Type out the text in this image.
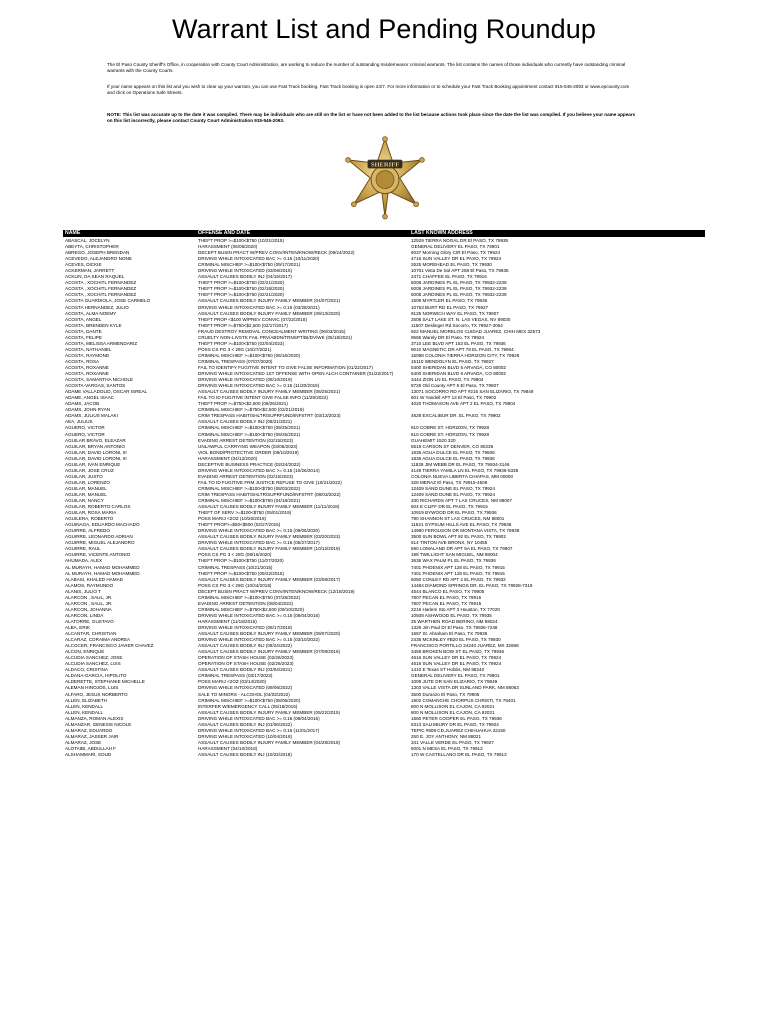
Warrant List and Pending Roundup

The El Paso County Sheriff's Office, in cooperation with County Court Administration, are working to reduce the number of outstanding misdemeanor criminal warrants. The list contains the names of those individuals who currently have outstanding criminal warrants with the County Courts.

If your name appears on this list and you wish to clear up your warrant, you can use Fast Track booking. Fast Track booking is open 24/7. For more information or to schedule your Fast Track Booking appointment contact 915-546-2093 or www.epcounty.com and click on Operations Safe Streets.

NOTE: This list was accurate up to the date it was compiled. There may be individuals who are still on the list or have not been added to the list because actions took place since the date the list was compiled. If you believe your name appears on this list incorrectly, please contact County Court Administration 915-546-2093.

SHERIFF
NAME	OFFENSE AND DATE	LAST KNOWN ADDRESS
ABASCAL, JOCELYN	THEFT PROP >=$100<$750 (10/21/2015)	12529 TIERRA NOGAL DR El PASO, TX 79935
ABEYTA, CHRISTOPHER	HARASSMENT (06/06/2020)	GENERAL DELIVERY EL PASO, TX 79901
ABREGO, JOSEPH BRENDAN	DECEPT BUSIN PRACT W/PREV CONV/INTEN/KNOW/RECK (09/24/2022)	6037 Morning Glory CIR El Paso, TX 79924
ACEVEDO, ALEJANDRO NONE	DRIVING WHILE INTOXICATED BAC >= 0.15 (10/11/2020)	4716 SUN VALLEY DR EL PASO, TX 79924
ACEVES, DICKIE	CRIMINAL MISCHIEF >=$100<$750 (09/17/2021)	2625 MOREHEAD EL PASO, TX 79930
ACKERMAN, JARRETT	DRIVING WHILE INTOXICATED (03/06/2015)	10701 Vista De Sol APT 258 El Paso, TX 79935
ACKLIN, DA SEAN RAQUEL	ASSAULT CAUSES BODILY INJ (04/19/2017)	2471 CHAFFEE EL PASO, TX 79916
ACOSTA , XOCHITL FERNANDEZ	THEFT PROP >=$100<$750 (02/21/2020)	5008 JARDINES PL EL PASO, TX 79932-2239
ACOSTA , XOCHITL FERNANDEZ	THEFT PROP >=$100<$750 (02/18/2020)	5008 JARDINES PL EL PASO, TX 79932-2239
ACOSTA , XOCHITL FERNANDEZ	THEFT PROP >=$100<$750 (02/21/2020)	5008 JARDINES PL EL PASO, TX 79932-2239
ACOSTA GUARDIOLA, JOSE CARMELO	ASSAULT CAUSES BODILY INJURY FAMILY MEMBER (04/07/2021)	1509 MYRTLER EL PASO, TX 79836
ACOSTA HERNANDEZ, JULIO	DRIVING WHILE INTOXICATED BAC >= 0.15 (03/28/2021)	10753 BURT RD EL PASO, TX 79927
ACOSTA, ALMA NOEMY	ASSAULT CAUSES BODILY INJURY FAMILY MEMBER (09/13/2020)	9125 NORWICH WAY EL PASO, TX 79907
ACOSTA, ANGEL	THEFT PROP <$100 W/PREV CONVIC (07/22/2018)	2508 SALT LAKE ST. N. LAS VEGAS, NV 89030
ACOSTA, BRENDEN KYLE	THEFT PROP >=$750<$2,500 (02/17/2017)	11507 Deslinger Rd Socorro, TX 79927-3064
ACOSTA, DANTE	FRAUD DESTROY REMOVAL CONCEALMENT WRITING (06/03/2015)	922 MANUEL MORELOS CUIDAD JUAREZ, CHIH MEX 32573
ACOSTA, FELIPE	CRUELTY NON-LIVSTK FAIL PRV/ABDN/TRNSPT/BI/DV/WK (05/18/2021)	9565 Warely DR El Paso, TX 79924
ACOSTA, MELISSA ARMENDARIZ	THEFT PROP >=$100<$750 (02/04/2023)	3710 LEE BLVD APT 153 EL PASO, TX 79936
ACOSTA, NATHANIEL	POSS CS PG 3 < 28G (10/27/2021)	9010 MAGNETIC DR APT 78 EL PASO, TX 79904
ACOSTA, RAYMOND	CRIMINAL MISCHIEF >=$100<$750 (06/16/2020)	15098 COLONIA TIERRA HORIZON CITY, TX 79928
ACOSTA, ROSA	CRIMINAL TRESPASS (07/07/2020)	15110 WENDOLYN EL PASO, TX 79927
ACOSTA, ROXANNE	FAIL TO IDENTIFY FUGITIVE INTENT TO GIVE FALSE INFORMATION (01/22/2017)	5400 SHERIDAN BLVD 6 ARVADA, CO 80002
ACOSTA, ROXANNE	DRIVING WHILE INTOXICATED 1ST OFFENSE WITH OPEN ALCH CONTAINER (01/22/2017)	5400 SHERIDAN BLVD 6 ARVADA, CO 80002
ACOSTA, SAMANTHA NICHOLE	DRIVING WHILE INTOXICATED (08/10/2019)	3444 ZION LN EL PASO, TX 79904
ACOSTA-VARGAS, SANTOS	DRIVING WHILE INTOXICATED BAC >= 0.15 (11/20/2015)	8726 Old County APT 5 El Paso, TX 79907
ADAME VALLADOLID, OSCAR ISREAL	ASSAULT CAUSES BODILY INJURY FAMILY MEMBER (06/25/2021)	13071 SOCORRO RD APT #215 SAN ELIZARIO, TX 79849
ADAME, ANGEL ISAAC	FAIL TO ID FUGITIVE INTENT GIVE FALSE INFO (11/29/2022)	601 W Yandell APT 13 El Paso, TX 79902
ADAMS, JACOB	THEFT PROP >=$750<$2,500 (09/26/2021)	4020 THOMASON AVE APT 2 EL PASO, TX 79904
ADAMS, JOHN RYAN	CRIMINAL MISCHIEF >=$750<$2,500 (02/21/2019)
ADAMS, JULIUS MALAKI	CRIM TRESPASS HABIT/SHLTR/SUPRFUND/INFSTRT (03/13/2023)	4828 EXCALIBUR DR. EL PASO, TX 79902
AEA, JULIUS	ASSAULT CAUSES BODILY INJ (08/21/2021)
AGUERO, VICTOR	CRIMINAL MISCHIEF >=$100<$750 (09/25/2021)	610 COBRE ST. HORIZON, TX 79928
AGUERO, VICTOR	CRIMINAL MISCHIEF >=$100<$750 (09/25/2021)	610 COBRE ST. HORIZON, TX 79928
AGUILAR BRAVO, ELEAZAR	EVADING ARREST DETENTION (02/15/2023)	GUAHEMIT 1520 320
AGUILAR, BRYAN ANTONIO	UNLAWFUL CARRYING WEAPON (03/05/2023)	5519 CARSON ST DENVER, CO 80239
AGUILAR, DAVID LORONI, III	VIOL BOND/PROTECTIVE ORDER (08/10/2019)	1836 AGUA DULCE EL PASO, TX 79936
AGUILAR, DAVID LORONI, III	HARASSMENT (04/12/2020)	1836 AGUA DULCE EL PASO, TX 79936
AGUILAR, IVAN ENRIQUE	DECEPTIVE BUSINESS PRACTICE (02/24/2022)	11828 JIM WEBB DR EL PASO, TX 79934-3146
AGUILAR, JOSE CRUZ	DRIVING WHILE INTOXICATED BAC >= 0.15 (10/26/2014)	4149 TIERRA YAMILA LN EL PASO, TX 79936-5338
AGUILAR, JUSTO	EVADING ARREST DETENTION (02/15/2023)	COLONIA NUEVA LIBERTA CHIAPAS, MM 00000
AGUILAR, LORENZO	FAIL TO ID FUGITIVE FRM JUSTICE REFUSE TO GIVE (10/21/2022)	328 MERAZ El Paso, TX 79915-4508
AGUILAR, MANUEL	CRIMINAL MISCHIEF >=$100<$750 (08/03/2022)	12409 SAND DUNE EL PASO, TX 79924
AGUILAR, MANUEL	CRIM TRESPASS HABIT/SHLTR/SUPRFUND/INFSTRT (08/03/2022)	12409 SAND DUNE EL PASO, TX 79924
AGUILAR, NANCY	CRIMINAL MISCHIEF >=$100<$750 (04/18/2021)	330 RICHARDS APT 7 LAS CRUCES, NM 88007
AGUILAR, ROBERTO CARLOS	ASSAULT CAUSES BODILY INJURY FAMILY MEMBER (11/11/2018)	504 E CLIFF DR EL PASO, TX 79915
AGUILAR, ROSA MARIA	THEFT OF SERV >=$100<$750 (05/01/2019)	10919 BYWOOD DR EL PASO, TX 79936
AGUILERA, ROBERTO	POSS MARIJ <2OZ (10/26/2018)	790 SHANNON ST LAS CRUCES, NM 88001
AGUINAGA, EDUARDO MACHADO	THEFT PROP>=$50<$500 (02/27/2015)	11621 GYPSUM HILLS AVE EL PASO, TX 79936
AGUIRRE, ALFREDO	DRIVING WHILE INTOXICATED BAC >= 0.15 (09/05/2020)	14980 FERGUSON DR MONTANA VISTA, TX 79938
AGUIRRE, LEONARDO ADRIAN	ASSAULT CAUSES BODILY INJURY FAMILY MEMBER (03/20/2023)	3500 SUN BOWL APT 92 EL PASO, TX 79902
AGUIRRE, MIGUEL ALEJANDRO	DRIVING WHILE INTOXICATED BAC >= 0.15 (05/27/2017)	514 TINTON AVE BRONX, NY 10455
AGUIRRE, RAUL	ASSAULT CAUSES BODILY INJURY FAMILY MEMBER (10/12/2019)	590 LOMALAND DR APT 5A EL PASO, TX 79907
AGUIRRE, VICENTE ANTONIO	POSS CS PG 3 < 28G (08/16/2020)	198 TWILLIGHT SAN MIGUEL, NM 88004
AHUMADA, ALEX	THEFT PROP >=$100<$750 (11/07/2020)	3636 WAX PALM PL EL PASO, TX 79936
AL MURAYH, HAMAD MOHAMMED	CRIMINAL TRESPASS (10/21/2015)	7401 PHOENIX APT 128 EL PASO, TX 79915
AL MURAYH, HAMAD MOHAMMED	THEFT PROP >=$100<$750 (09/22/2015)	7401 PHOENIX APT 128 EL PASO, TX 79915
ALABASI, KHALED HAMAD	ASSAULT CAUSES BODILY INJURY FAMILY MEMBER (03/08/2017)	5050 CONLEY RD APT 2 EL PASO, TX 79932
ALAMOS, RAYMUNDO	POSS CS PG 3 < 28G (10/24/2018)	14484 DIAMOND SPRINGS DR. EL PASO, TX 79928-7319
ALANIS, JULIO T	DECEPT BUSIN PRACT W/PREV CONV/INTEN/KNOW/RECK (12/18/2019)	4544 BLANCO EL PASO, TX 79905
ALARCON , SAUL, JR.	CRIMINAL MISCHIEF >=$100<$750 (07/28/2022)	7807 PECAN EL PASO, TX 79915
ALARCON , SAUL, JR.	EVADING ARREST DETENTION (08/04/2022)	7807 PECAN EL PASO, TX 79915
ALARCON, JOHANNA	CRIMINAL MISCHIEF >=$750<$2,500 (09/10/2020)	2216 Harlem Sto APT 3 Houston, TX 77020
ALARCON, LINDA	DRIVING WHILE INTOXICATED BAC >= 0.15 (08/04/2016)	10508 ASHWOOD EL PASO, TX 79935
ALATORRE, GUSTAVO	HARASSMENT (11/18/2015)	25 WARTHEN ROAD BERINO, NM 88024
ALBA, ERIK	DRIVING WHILE INTOXICATED (08/17/2018)	1329 Jim Paul Dr El Paso, TX 79936-7248
ALCANTAR, CHRISTIAN	ASSAULT CAUSES BODILY INJURY FAMILY MEMBER (09/07/2020)	1667 St. Abraham El Paso, TX 79936
ALCARAZ, CORAIMA ANDREA	DRIVING WHILE INTOXICATED BAC >= 0.15 (03/10/2022)	2435 MCKINLEY #B20 EL PASO, TX 79930
ALCOCER, FRANCISCO JAVIER CHAVEZ	ASSAULT CAUSES BODILY INJ (08/24/2022)	FRANCISCO PORTILLO 24240 JUAREZ, MX 32688
ALCON, ENRIQUE	ASSAULT CAUSES BODILY INJURY FAMILY MEMBER (07/09/2016)	3459 BROKEN BOW ST EL PASO, TX 79936
ALCUDIA SANCHEZ, JOSE	OPERATION OF STASH HOUSE (02/26/2023)	4616 SUN VALLEY DR EL PASO, TX 79924
ALCUDIA SANCHEZ, LUIS	OPERATION OF STASH HOUSE (02/26/2023)	4616 SUN VALLEY DR EL PASO, TX 79924
ALDACO, CRISTINA	ASSAULT CAUSES BODILY INJ (03/04/2021)	1410 E Texas ST Hobbs, NM 88240
ALDANA-GARCIA, HIPOLITO	CRIMINAL TRESPASS (03/17/2023)	GENERAL DELIVERY EL PASO, TX 79901
ALDERETTE, STEPHANIE MICHELLE	POSS MARIJ <2OZ (03/14/2020)	1009 JUTE DR SAN ELIZARIO, TX 79849
ALEMAN HINOJOS, LUIS	DRIVING WHILE INTOXICATED (09/06/2022)	1303 VALLE VISTA DR SUNLAND PARK, NM 88063
ALFARO, JESUS NORBERTO	SALE TO MINORS - ALCOHOL (04/02/2022)	3500 Duranzo El Paso, TX 79905
ALLEN, ELIZABETH	CRIMINAL MISCHIEF >=$100<$750 (08/05/2020)	1902 COMANCHE CHORPUS CHRISTI, TX 78401
ALLEN, KENDALL	INTERFER W/EMERGENCY CALL (05/18/2015)	800 N MOLLISON EL CAJON, CA 92021
ALLEN, KENDALL	ASSAULT CAUSES BODILY INJURY FAMILY MEMBER (05/22/2015)	800 N MOLLISON EL CAJON, CA 92021
ALMANZA, ROMAN ALEXIS	DRIVING WHILE INTOXICATED BAC >= 0.15 (08/04/2016)	1560 PETER COOPER EL PASO, TX 79936
ALMANZAR, GENESIS NICOLE	ASSAULT CAUSES BODILY INJ (01/06/2022)	5313 SALISBURY DR EL PASO, TX 79924
ALMARAZ, EDUARDO	DRIVING WHILE INTOXICATED BAC >= 0.15 (11/01/2017)	TEPIC #608 CD.JUAREZ CHIHUAHUA 32150
ALMARAZ, JASSER JAIR	DRIVING WHILE INTOXICATED (10/04/2018)	250 E. JOY ANTHONY, NM 88021
ALMARAZ, JOSE	ASSAULT CAUSES BODILY INJURY FAMILY MEMBER (04/28/2018)	341 VALLE VERDE EL PASO, TX 79927
ALOTAIBI, ABDULLAH F	HARASSMENT (04/10/2018)	5001 N MESA EL PASO, TX 79912
ALSHAMMARI, SOUD	ASSAULT CAUSES BODILY INJ (10/22/2018)	170 W CASTELLANO DR EL PASO, TX 79912
